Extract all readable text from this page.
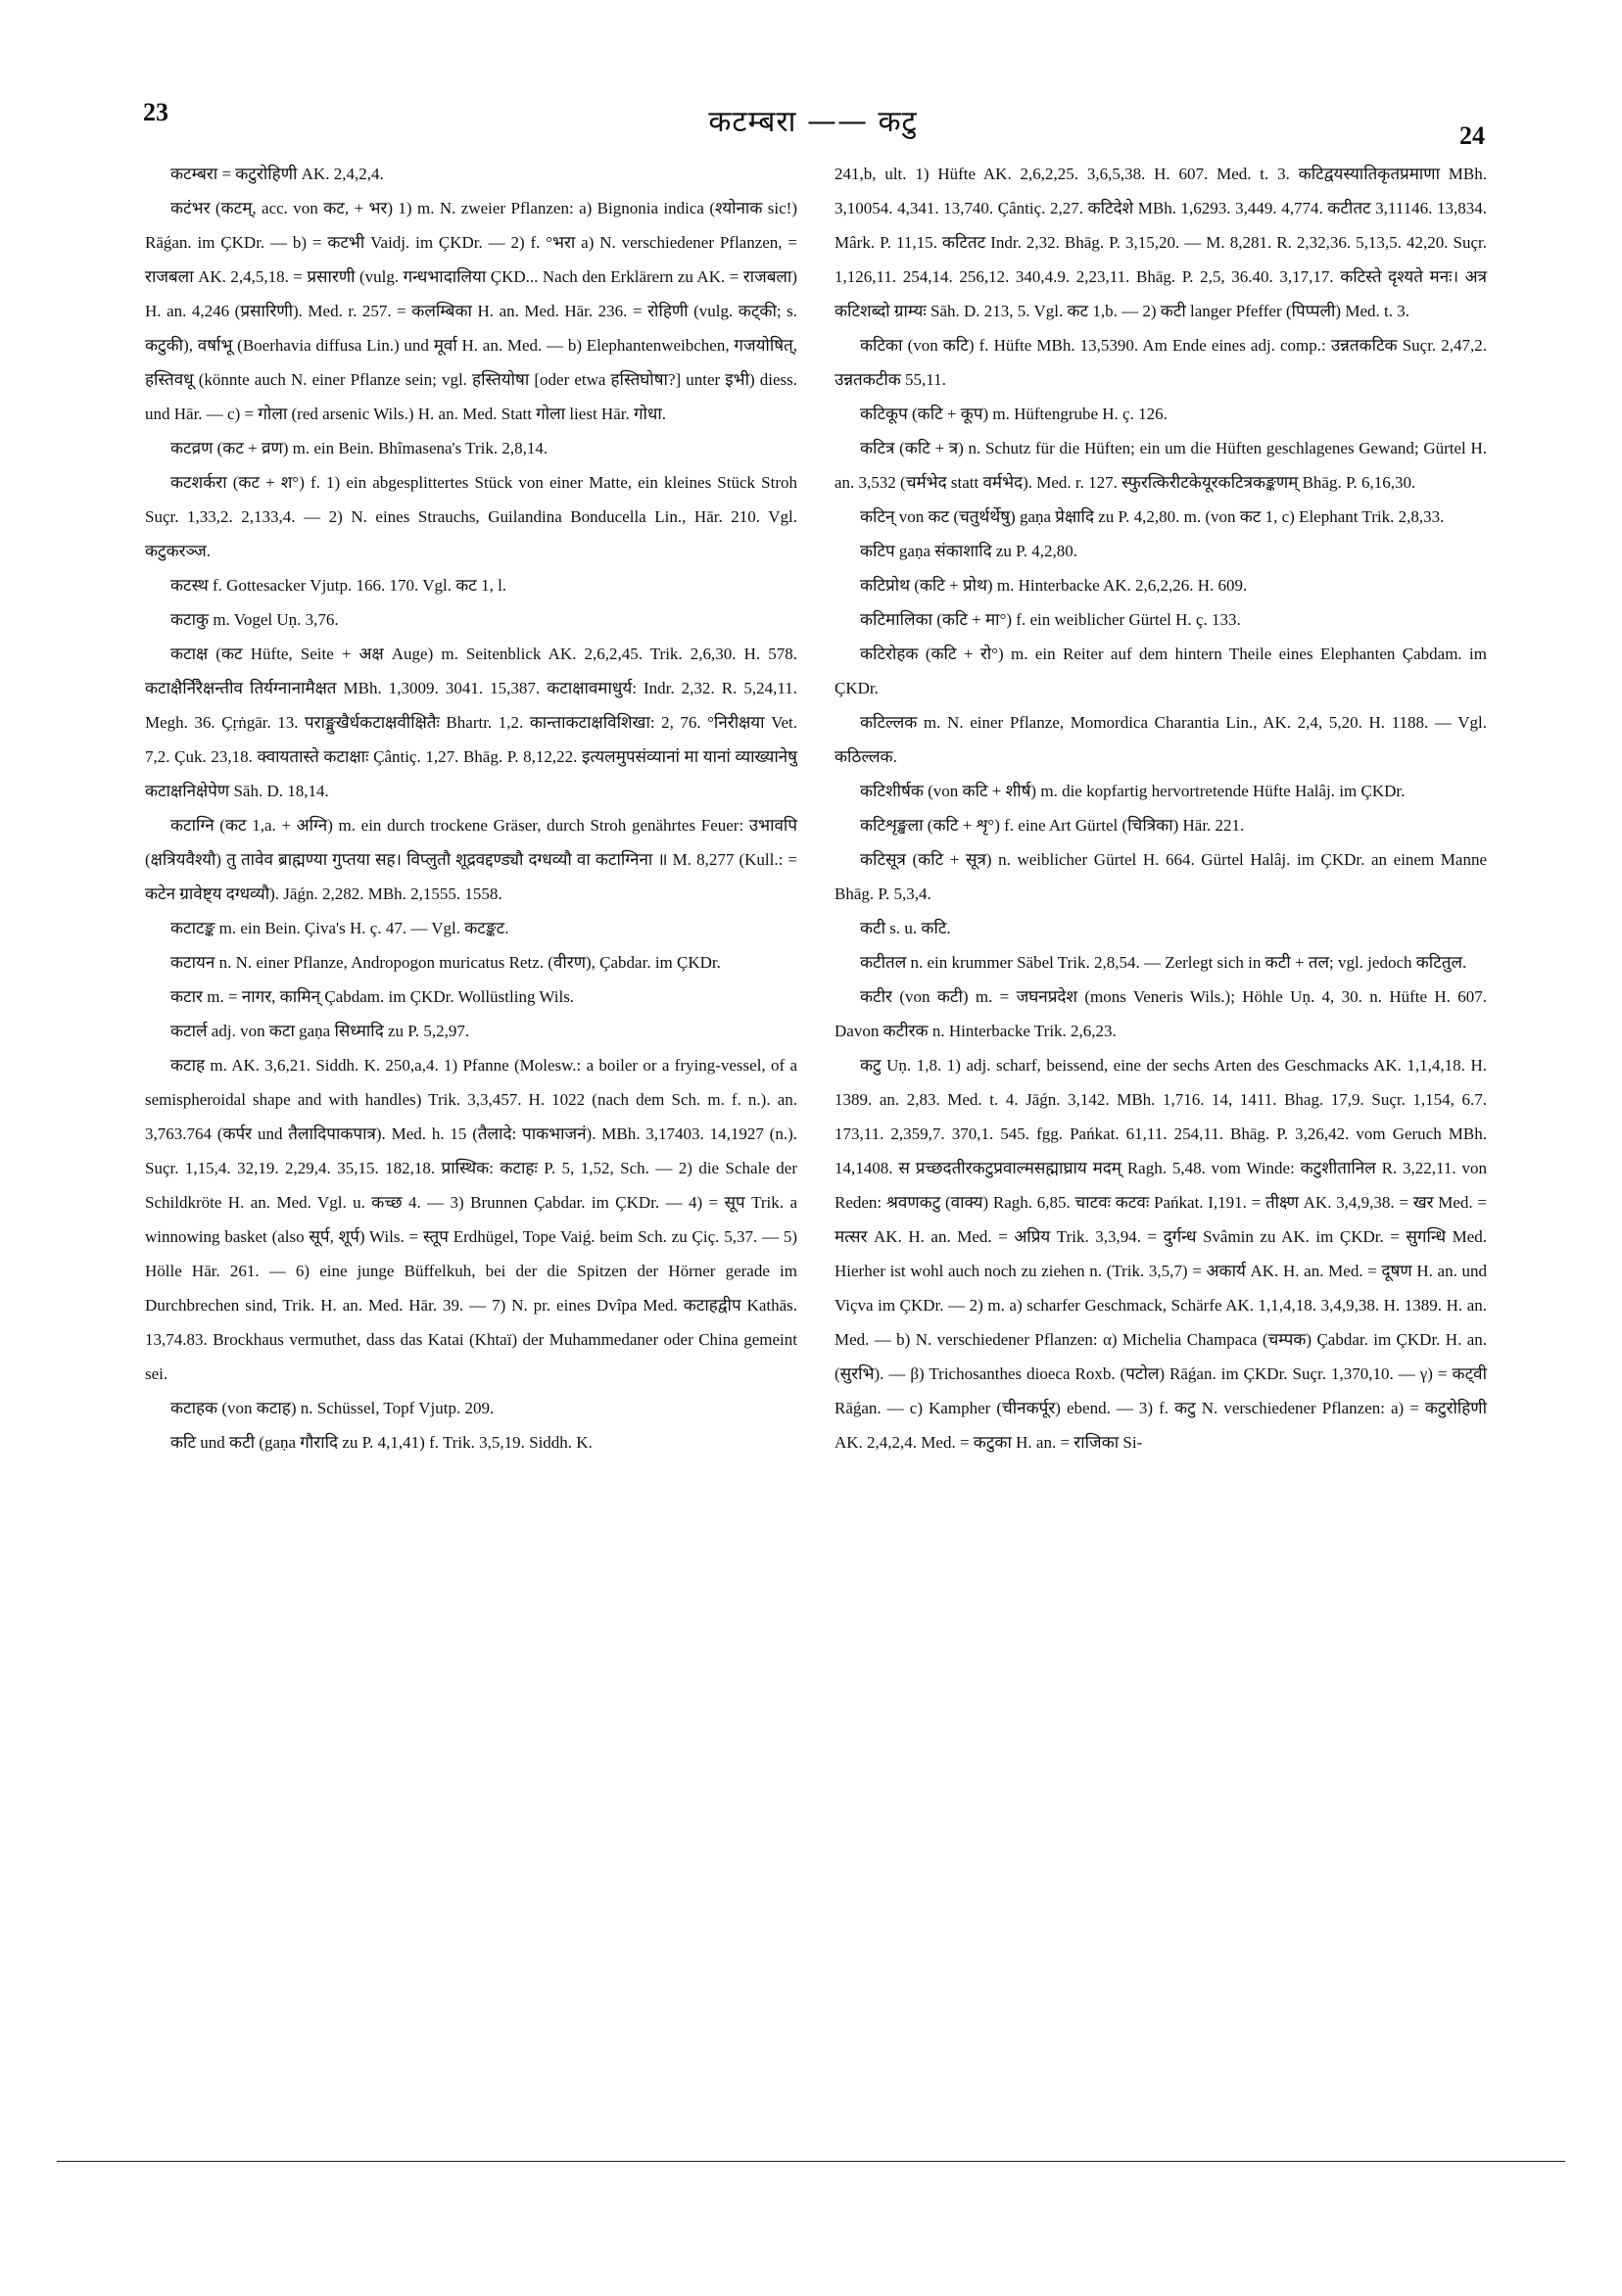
23	कटम्बरा —— कटु	24

कटम्बरा = कटुरोहिणी AK. 2,4,2,4.

कटंभर (कटम्, acc. von कट, + भर) 1) m. N. zweier Pflanzen: a) Bignonia indica (श्योनाक sic!) Rāǵan. im ÇKDr. — b) = कटभी Vaidj. im ÇKDr. — 2) f. °भरा a) N. verschiedener Pflanzen, = राजबला AK. 2,4,5,18. = प्रसारणी (vulg. गन्धभादालिया ÇKD... Nach den Erklärern zu AK. = राजबला) H. an. 4,246 (प्रसारिणी). Med. r. 257. = कलम्बिका H. an. Med. Hār. 236. = रोहिणी (vulg. कट्की; s. कटुकी), वर्षाभू (Boerhavia diffusa Lin.) und मूर्वा H. an. Med. — b) Elephantenweibchen, गजयोषित्, हस्तिवधू (könnte auch N. einer Pflanze sein; vgl. हस्तियोषा [oder etwa हस्तिघोषा?] unter इभी) diess. und Hār. — c) = गोला (red arsenic Wils.) H. an. Med. Statt गोला liest Hār. गोधा.

कटव्रण (कट + व्रण) m. ein Bein. Bhîmasena's Trik. 2,8,14.

कटशर्करा (कट + श°) f. 1) ein abgesplittertes Stück von einer Matte, ein kleines Stück Stroh Suçr. 1,33,2. 2,133,4. — 2) N. eines Strauchs, Guilandina Bonducella Lin., Hār. 210. Vgl. कटुकरञ्ज.

कटस्थ f. Gottesacker Vjutp. 166. 170. Vgl. कट 1, l.

कटाकु m. Vogel Uṇ. 3,76.

कटाक्ष (कट Hüfte, Seite + अक्ष Auge) m. Seitenblick AK. 2,6,2,45. Trik. 2,6,30. H. 578. कटाक्षैर्निरैक्षन्तीव तिर्यग्नानामैक्षत MBh. 1,3009. 3041. 15,387. कटाक्षावमाधुर्य: Indr. 2,32. R. 5,24,11. Megh. 36. Çṛṅgār. 13. पराङ्मुखैर्धकटाक्षवीक्षितैः Bhartr. 1,2. कान्ताकटाक्षविशिखा: 2, 76. °निरीक्षया Vet. 7,2. Çuk. 23,18. क्वायतास्ते कटाक्षाः Çântiç. 1,27. Bhāg. P. 8,12,22. इत्यलमुपसंव्यानां मा यानां व्याख्यानेषु कटाक्षनिक्षेपेण Sāh. D. 18,14.

कटाग्नि (कट 1,a. + अग्नि) m. ein durch trockene Gräser, durch Stroh genährtes Feuer: उभावपि (क्षत्रियवैश्यौ) तु तावेव ब्राह्मण्या गुप्तया सह। विप्लुतौ शूद्रवद्दण्ड्यौ दग्धव्यौ वा कटाग्निना ॥ M. 8,277 (Kull.: = कटेन ग्रावेष्ट्य दग्धव्यौ). Jāǵn. 2,282. MBh. 2,1555. 1558.

कटाटङ्क m. ein Bein. Çiva's H. ç. 47. — Vgl. कटङ्कट.

कटायन n. N. einer Pflanze, Andropogon muricatus Retz. (वीरण), Çabdar. im ÇKDr.

कटार m. = नागर, कामिन् Çabdam. im ÇKDr. Wollüstling Wils.

कटार्ल adj. von कटा gaṇa सिध्मादि zu P. 5,2,97.

कटाह m. AK. 3,6,21. Siddh. K. 250,a,4. 1) Pfanne (Molesw.: a boiler or a frying-vessel, of a semispheroidal shape and with handles) Trik. 3,3,457. H. 1022 (nach dem Sch. m. f. n.). an. 3,763.764 (कर्पर und तैलादिपाकपात्र). Med. h. 15 (तैलादे: पाकभाजनं). MBh. 3,17403. 14,1927 (n.). Suçr. 1,15,4. 32,19. 2,29,4. 35,15. 182,18. प्रास्थिक: कटाहः P. 5, 1,52, Sch. — 2) die Schale der Schildkröte H. an. Med. Vgl. u. कच्छ 4. — 3) Brunnen Çabdar. im ÇKDr. — 4) = सूप Trik. a winnowing basket (also सूर्प, शूर्प) Wils. = स्तूप Erdhügel, Tope Vaiǵ. beim Sch. zu Çiç. 5,37. — 5) Hölle Hār. 261. — 6) eine junge Büffelkuh, bei der die Spitzen der Hörner gerade im Durchbrechen sind, Trik. H. an. Med. Hār. 39. — 7) N. pr. eines Dvîpa Med. कटाहद्वीप Kathās. 13,74.83. Brockhaus vermuthet, dass das Katai (Khtaï) der Muhammedaner oder China gemeint sei.

कटाहक (von कटाह) n. Schüssel, Topf Vjutp. 209.

कटि und कटी (gaṇa गौरादि zu P. 4,1,41) f. Trik. 3,5,19. Siddh. K.

241,b, ult. 1) Hüfte AK. 2,6,2,25. 3,6,5,38. H. 607. Med. t. 3. कटिद्वयस्यातिकृतप्रमाणा MBh. 3,10054. 4,341. 13,740. Çântiç. 2,27. कटिदेशे MBh. 1,6293. 3,449. 4,774. कटीतट 3,11146. 13,834. Mârk. P. 11,15. कटितट Indr. 2,32. Bhāg. P. 3,15,20. — M. 8,281. R. 2,32,36. 5,13,5. 42,20. Suçr. 1,126,11. 254,14. 256,12. 340,4.9. 2,23,11. Bhāg. P. 2,5, 36.40. 3,17,17. कटिस्ते दृश्यते मनः। अत्र कटिशब्दो ग्राम्यः Sāh. D. 213, 5. Vgl. कट 1,b. — 2) कटी langer Pfeffer (पिप्पली) Med. t. 3.

कटिका (von कटि) f. Hüfte MBh. 13,5390. Am Ende eines adj. comp.: उन्नतकटिक Suçr. 2,47,2. उन्नतकटीक 55,11.

कटिकूप (कटि + कूप) m. Hüftengrube H. ç. 126.

कटित्र (कटि + त्र) n. Schutz für die Hüften; ein um die Hüften geschlagenes Gewand; Gürtel H. an. 3,532 (चर्मभेद statt वर्मभेद). Med. r. 127. स्फुरत्किरीटकेयूरकटित्रकङ्कणम् Bhāg. P. 6,16,30.

कटिन् von कट (चतुर्थर्थेषु) gaṇa प्रेक्षादि zu P. 4,2,80. m. (von कट 1, c) Elephant Trik. 2,8,33.

कटिप gaṇa संकाशादि zu P. 4,2,80.

कटिप्रोथ (कटि + प्रोथ) m. Hinterbacke AK. 2,6,2,26. H. 609.

कटिमालिका (कटि + मा°) f. ein weiblicher Gürtel H. ç. 133.

कटिरोहक (कटि + रो°) m. ein Reiter auf dem hintern Theile eines Elephanten Çabdam. im ÇKDr.

कटिल्लक m. N. einer Pflanze, Momordica Charantia Lin., AK. 2,4, 5,20. H. 1188. — Vgl. कठिल्लक.

कटिशीर्षक (von कटि + शीर्ष) m. die kopfartig hervortretende Hüfte Halâj. im ÇKDr.

कटिशृङ्खला (कटि + शृ°) f. eine Art Gürtel (चित्रिका) Hār. 221.

कटिसूत्र (कटि + सूत्र) n. weiblicher Gürtel H. 664. Gürtel Halâj. im ÇKDr. an einem Manne Bhāg. P. 5,3,4.

कटी s. u. कटि.

कटीतल n. ein krummer Säbel Trik. 2,8,54. — Zerlegt sich in कटी + तल; vgl. jedoch कटितुल.

कटीर (von कटी) m. = जघनप्रदेश (mons Veneris Wils.); Höhle Uṇ. 4, 30. n. Hüfte H. 607. Davon कटीरक n. Hinterbacke Trik. 2,6,23.

कटु Uṇ. 1,8. 1) adj. scharf, beissend, eine der sechs Arten des Geschmacks AK. 1,1,4,18. H. 1389. an. 2,83. Med. t. 4. Jāǵn. 3,142. MBh. 1,716. 14, 1411. Bhag. 17,9. Suçr. 1,154, 6.7. 173,11. 2,359,7. 370,1. 545. fgg. Pańkat. 61,11. 254,11. Bhāg. P. 3,26,42. vom Geruch MBh. 14,1408. स प्रच्छदतीरकटुप्रवाल्मसह्माघ्राय मदम् Ragh. 5,48. vom Winde: कटुशीतानिल R. 3,22,11. von Reden: श्रवणकटु (वाक्य) Ragh. 6,85. चाटवः कटवः Pańkat. I,191. = तीक्ष्ण AK. 3,4,9,38. = खर Med. = मत्सर AK. H. an. Med. = अप्रिय Trik. 3,3,94. = दुर्गन्ध Svâmin zu AK. im ÇKDr. = सुगन्धि Med. Hierher ist wohl auch noch zu ziehen n. (Trik. 3,5,7) = अकार्य AK. H. an. Med. = दूषण H. an. und Viçva im ÇKDr. — 2) m. a) scharfer Geschmack, Schärfe AK. 1,1,4,18. 3,4,9,38. H. 1389. H. an. Med. — b) N. verschiedener Pflanzen: α) Michelia Champaca (चम्पक) Çabdar. im ÇKDr. H. an. (सुरभि). — β) Trichosanthes dioeca Roxb. (पटोल) Rāǵan. im ÇKDr. Suçr. 1,370,10. — γ) = कट्वी Rāǵan. — c) Kampher (चीनकर्पूर) ebend. — 3) f. कटु N. verschiedener Pflanzen: a) = कटुरोहिणी AK. 2,4,2,4. Med. = कटुका H. an. = राजिका Si-
